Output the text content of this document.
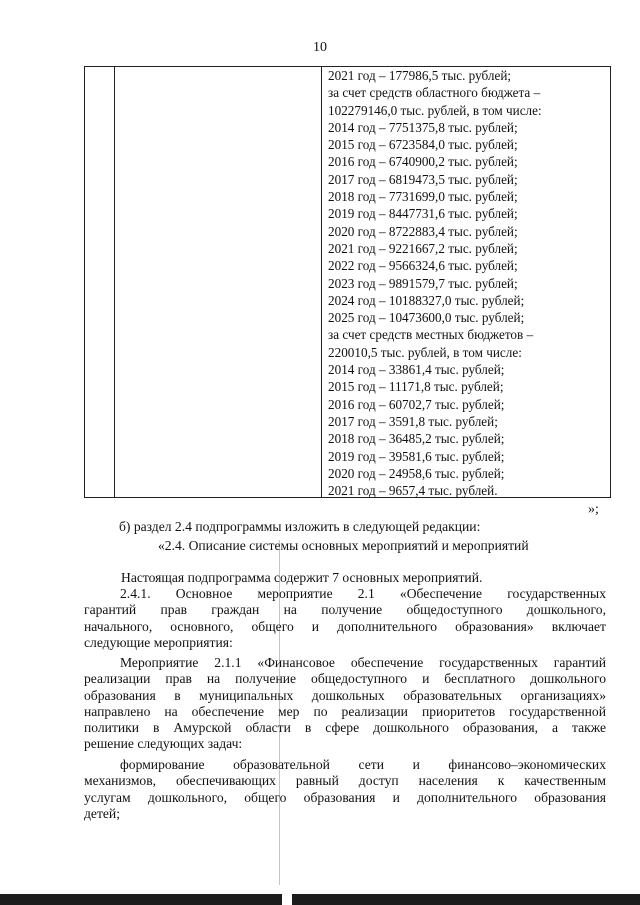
10
2021 год – 177986,5 тыс. рублей;
за счет средств областного бюджета –
102279146,0 тыс. рублей, в том числе:
2014 год – 7751375,8 тыс. рублей;
2015 год – 6723584,0 тыс. рублей;
2016 год – 6740900,2 тыс. рублей;
2017 год – 6819473,5 тыс. рублей;
2018 год – 7731699,0 тыс. рублей;
2019 год – 8447731,6 тыс. рублей;
2020 год – 8722883,4 тыс. рублей;
2021 год – 9221667,2 тыс. рублей;
2022 год – 9566324,6 тыс. рублей;
2023 год – 9891579,7 тыс. рублей;
2024 год – 10188327,0 тыс. рублей;
2025 год – 10473600,0 тыс. рублей;
за счет средств местных бюджетов –
220010,5 тыс. рублей, в том числе:
2014 год – 33861,4 тыс. рублей;
2015 год – 11171,8 тыс. рублей;
2016 год – 60702,7 тыс. рублей;
2017 год – 3591,8 тыс. рублей;
2018 год – 36485,2 тыс. рублей;
2019 год – 39581,6 тыс. рублей;
2020 год – 24958,6 тыс. рублей;
2021 год – 9657,4 тыс. рублей.
»;
б) раздел 2.4 подпрограммы изложить в следующей редакции:
«2.4. Описание системы основных мероприятий и мероприятий
Настоящая подпрограмма содержит 7 основных мероприятий.
2.4.1. Основное мероприятие 2.1 «Обеспечение государственных
гарантий прав граждан на получение общедоступного дошкольного,
начального, основного, общего и дополнительного образования» включает
следующие мероприятия:
Мероприятие 2.1.1 «Финансовое обеспечение государственных гарантий
реализации прав на получение общедоступного и бесплатного дошкольного
образования в муниципальных дошкольных образовательных организациях»
направлено на обеспечение мер по реализации приоритетов государственной
политики в Амурской области в сфере дошкольного образования, а также
решение следующих задач:
формирование образовательной сети и финансово–экономических
механизмов, обеспечивающих равный доступ населения к качественным
услугам дошкольного, общего образования и дополнительного образования
детей;
